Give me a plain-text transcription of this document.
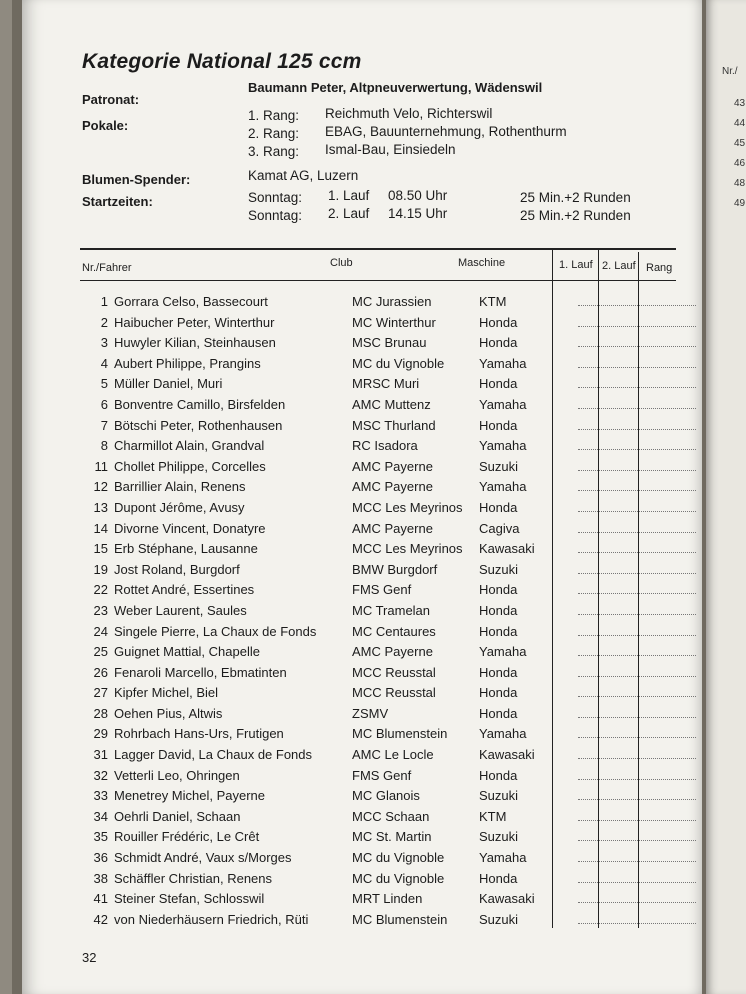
Kategorie National 125 ccm
Patronat:
Baumann Peter, Altpneuverwertung, Wädenswil
Pokale:
1. Rang: Reichmuth Velo, Richterswil
2. Rang: EBAG, Bauunternehmung, Rothenthurm
3. Rang: Ismal-Bau, Einsiedeln
Blumen-Spender:	Kamat AG, Luzern
Startzeiten:	Sonntag: 1. Lauf 08.50 Uhr	25 Min.+2 Runden
Sonntag: 2. Lauf 14.15 Uhr	25 Min.+2 Runden
Nr./Fahrer	Club	Maschine	1. Lauf 2. Lauf Rang
1 Gorrara Celso, Bassecourt	MC Jurassien	KTM
2 Haibucher Peter, Winterthur	MC Winterthur	Honda
3 Huwyler Kilian, Steinhausen	MSC Brunau	Honda
4 Aubert Philippe, Prangins	MC du Vignoble	Yamaha
5 Müller Daniel, Muri	MRSC Muri	Honda
6 Bonventre Camillo, Birsfelden	AMC Muttenz	Yamaha
7 Bötschi Peter, Rothenhausen	MSC Thurland	Honda
8 Charmillot Alain, Grandval	RC Isadora	Yamaha
11 Chollet Philippe, Corcelles	AMC Payerne	Suzuki
12 Barrillier Alain, Renens	AMC Payerne	Yamaha
13 Dupont Jérôme, Avusy	MCC Les Meyrinos Honda
14 Divorne Vincent, Donatyre	AMC Payerne	Cagiva
15 Erb Stéphane, Lausanne	MCC Les Meyrinos Kawasaki
19 Jost Roland, Burgdorf	BMW Burgdorf	Suzuki
22 Rottet André, Essertines	FMS Genf	Honda
23 Weber Laurent, Saules	MC Tramelan	Honda
24 Singele Pierre, La Chaux de Fonds	MC Centaures	Honda
25 Guignet Mattial, Chapelle	AMC Payerne	Yamaha
26 Fenaroli Marcello, Ebmatinten	MCC Reusstal	Honda
27 Kipfer Michel, Biel	MCC Reusstal	Honda
28 Oehen Pius, Altwis	ZSMV	Honda
29 Rohrbach Hans-Urs, Frutigen	MC Blumenstein Yamaha
31 Lagger David, La Chaux de Fonds	AMC Le Locle	Kawasaki
32 Vetterli Leo, Ohringen	FMS Genf	Honda
33 Menetrey Michel, Payerne	MC Glanois	Suzuki
34 Oehrli Daniel, Schaan	MCC Schaan	KTM
35 Rouiller Frédéric, Le Crêt	MC St. Martin	Suzuki
36 Schmidt André, Vaux s/Morges	MC du Vignoble	Yamaha
38 Schäffler Christian, Renens	MC du Vignoble	Honda
41 Steiner Stefan, Schlosswil	MRT Linden	Kawasaki
42 von Niederhäusern Friedrich, Rüti	MC Blumenstein Suzuki
32
Nr./
43
44
45
46
48
49
